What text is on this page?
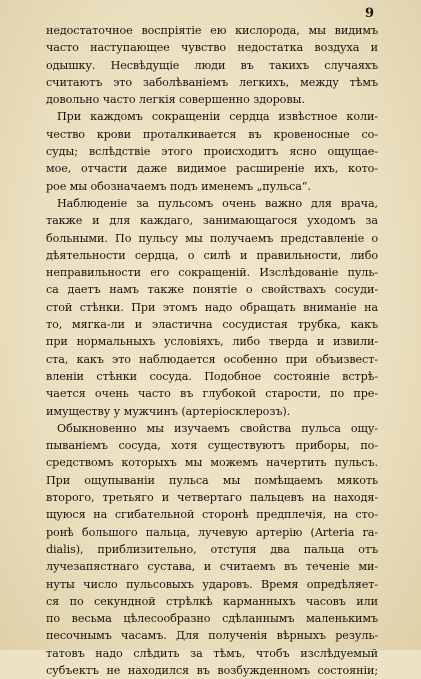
9
недостаточное воспріятіе ею кислорода, мы видимъ
часто наступающее чувство недостатка воздуха и
одышку. Несвѣдущіе люди въ такихъ случаяхъ
считаютъ это заболѣваніемъ легкихъ, между тѣмъ
довольно часто легкія совершенно здоровы.
При каждомъ сокращеніи сердца извѣстное коли-
чество крови проталкивается въ кровеносные со-
суды; вслѣдствіе этого происходитъ ясно ощущае-
мое, отчасти даже видимое расширеніе ихъ, кото-
рое мы обозначаемъ подъ именемъ „пульса“.
Наблюденіе за пульсомъ очень важно для врача,
также и для каждаго, занимающагося уходомъ за
больными. По пульсу мы получаемъ представленіе о
дѣятельности сердца, о силѣ и правильности, либо
неправильности его сокращеній. Изслѣдованіе пуль-
са даетъ намъ также понятіе о свойствахъ сосуди-
стой стѣнки. При этомъ надо обращать вниманіе на
то, мягка-ли и эластична сосудистая трубка, какъ
при нормальныхъ условіяхъ, либо тверда и извили-
ста, какъ это наблюдается особенно при объизвест-
вленіи стѣнки сосуда. Подобное состояніе встрѣ-
чается очень часто въ глубокой старости, по пре-
имуществу у мужчинъ (артеріосклерозъ).
Обыкновенно мы изучаемъ свойства пульса ощу-
пываніемъ сосуда, хотя существуютъ приборы, по-
средствомъ которыхъ мы можемъ начертить пульсъ.
При ощупываніи пульса мы помѣщаемъ мякоть
второго, третьяго и четвертаго пальцевъ на находя-
щуюся на сгибательной сторонѣ предплечія, на сто-
ронѣ большого пальца, лучевую артерію (Arteria ra-
dialis), приблизительно, отступя два пальца отъ
лучезапястнаго сустава, и считаемъ въ теченіе ми-
нуты число пульсовыхъ ударовъ. Время опредѣляет-
ся по секундной стрѣлкѣ карманныхъ часовъ или
по весьма цѣлесообразно сдѣланнымъ маленькимъ
песочнымъ часамъ. Для полученія вѣрныхъ резуль-
татовъ надо слѣдить за тѣмъ, чтобъ изслѣдуемый
субъектъ не находился въ возбужденномъ состояніи;
